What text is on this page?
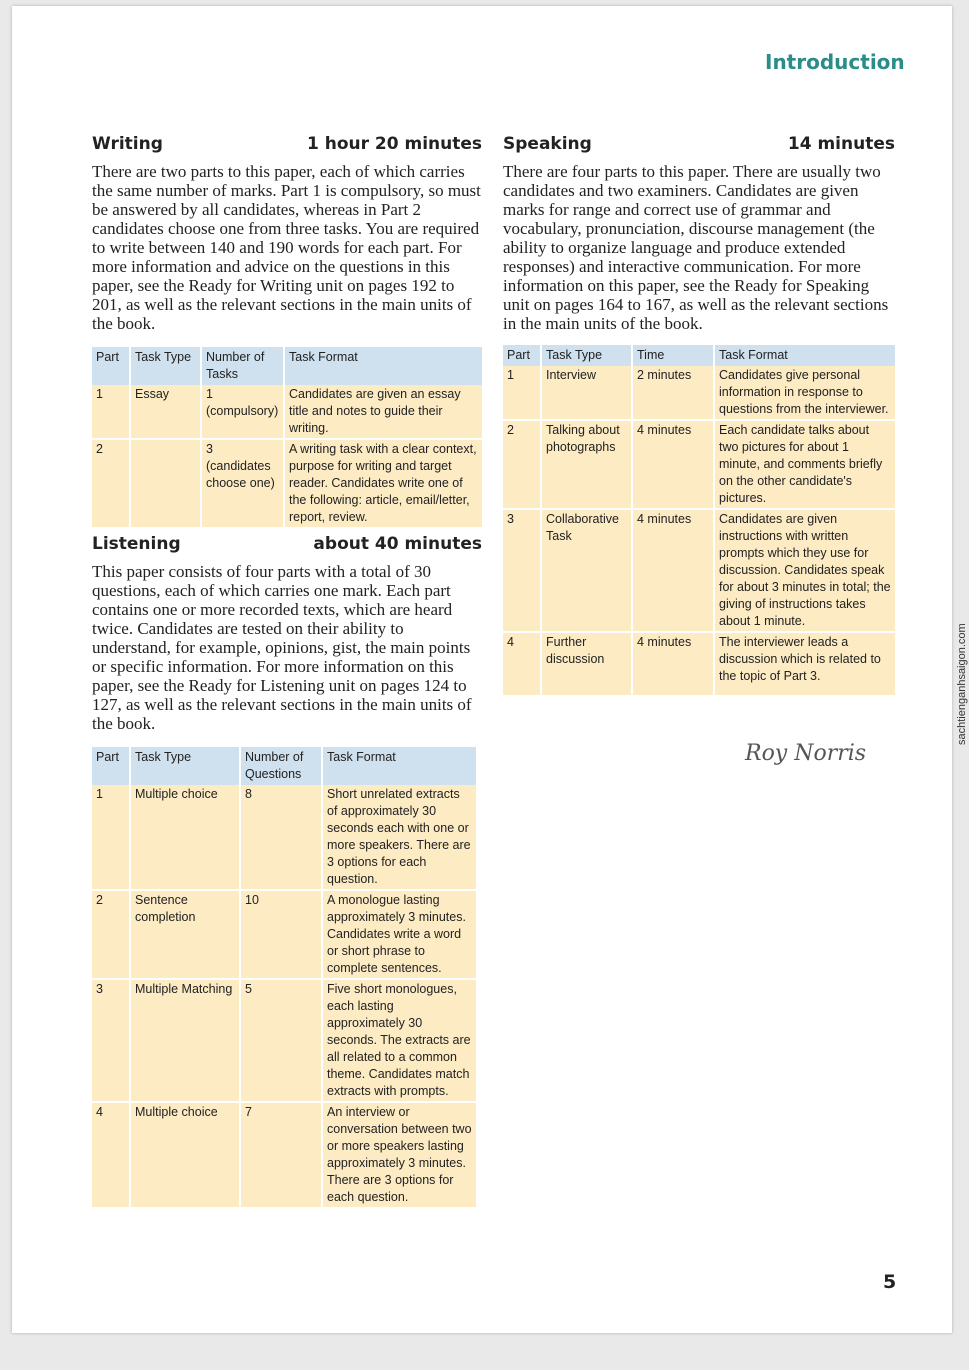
Introduction
Writing	1 hour 20 minutes

There are two parts to this paper, each of which carries the same number of marks. Part 1 is compulsory, so must be answered by all candidates, whereas in Part 2 candidates choose one from three tasks. You are required to write between 140 and 190 words for each part. For more information and advice on the questions in this paper, see the Ready for Writing unit on pages 192 to 201, as well as the relevant sections in the main units of the book.

Part	Task Type	Number of Tasks	Task Format
1	Essay	1 (compulsory)	Candidates are given an essay title and notes to guide their writing.
2		3 (candidates choose one)	A writing task with a clear context, purpose for writing and target reader. Candidates write one of the following: article, email/letter, report, review.
Listening	about 40 minutes

This paper consists of four parts with a total of 30 questions, each of which carries one mark. Each part contains one or more recorded texts, which are heard twice. Candidates are tested on their ability to understand, for example, opinions, gist, the main points or specific information. For more information on this paper, see the Ready for Listening unit on pages 124 to 127, as well as the relevant sections in the main units of the book.

Part	Task Type	Number of Questions	Task Format
1	Multiple choice	8	Short unrelated extracts of approximately 30 seconds each with one or more speakers. There are 3 options for each question.
2	Sentence completion	10	A monologue lasting approximately 3 minutes. Candidates write a word or short phrase to complete sentences.
3	Multiple Matching	5	Five short monologues, each lasting approximately 30 seconds. The extracts are all related to a common theme. Candidates match extracts with prompts.
4	Multiple choice	7	An interview or conversation between two or more speakers lasting approximately 3 minutes. There are 3 options for each question.
Speaking	14 minutes

There are four parts to this paper. There are usually two candidates and two examiners. Candidates are given marks for range and correct use of grammar and vocabulary, pronunciation, discourse management (the ability to organize language and produce extended responses) and interactive communication. For more information on this paper, see the Ready for Speaking unit on pages 164 to 167, as well as the relevant sections in the main units of the book.

Part	Task Type	Time	Task Format
1	Interview	2 minutes	Candidates give personal information in response to questions from the interviewer.
2	Talking about photographs	4 minutes	Each candidate talks about two pictures for about 1 minute, and comments briefly on the other candidate's pictures.
3	Collaborative Task	4 minutes	Candidates are given instructions with written prompts which they use for discussion. Candidates speak for about 3 minutes in total; the giving of instructions takes about 1 minute.
4	Further discussion	4 minutes	The interviewer leads a discussion which is related to the topic of Part 3.
Roy Norris
5
sachtienganhsaigon.com
